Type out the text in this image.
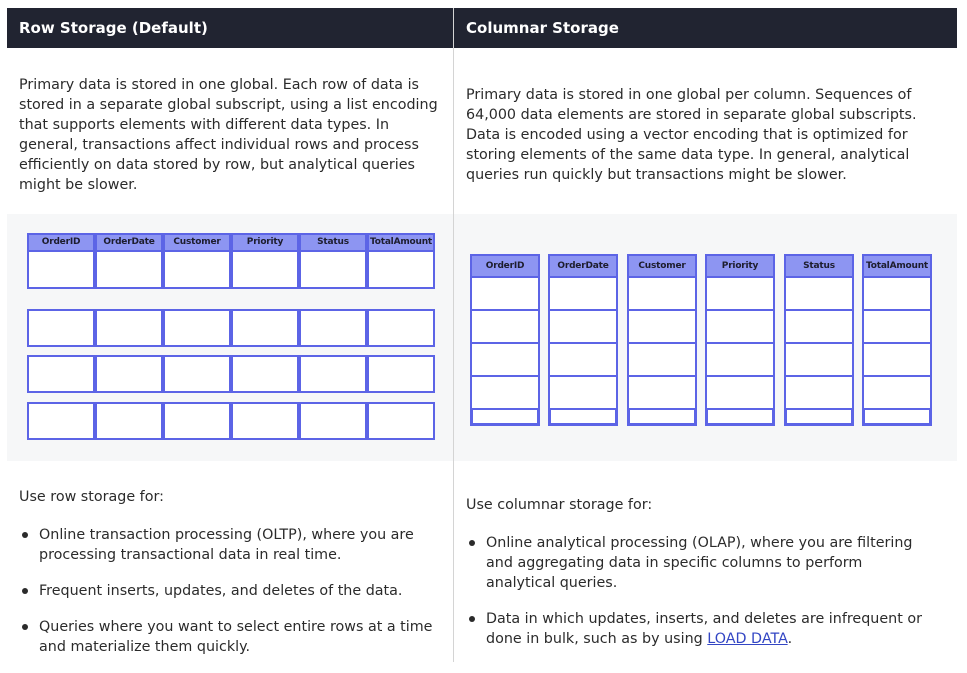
Row Storage (Default)
Primary data is stored in one global. Each row of data is stored in a separate global subscript, using a list encoding that supports elements with different data types. In general, transactions affect individual rows and process efficiently on data stored by row, but analytical queries might be slower.
OrderID	OrderDate	Customer	Priority	Status	TotalAmount
Use row storage for:
Online transaction processing (OLTP), where you are processing transactional data in real time.
Frequent inserts, updates, and deletes of the data.
Queries where you want to select entire rows at a time and materialize them quickly.
Columnar Storage
Primary data is stored in one global per column. Sequences of 64,000 data elements are stored in separate global subscripts. Data is encoded using a vector encoding that is optimized for storing elements of the same data type. In general, analytical queries run quickly but transactions might be slower.
OrderID	OrderDate	Customer	Priority	Status	TotalAmount
Use columnar storage for:
Online analytical processing (OLAP), where you are filtering and aggregating data in specific columns to perform analytical queries.
Data in which updates, inserts, and deletes are infrequent or done in bulk, such as by using LOAD DATA.
